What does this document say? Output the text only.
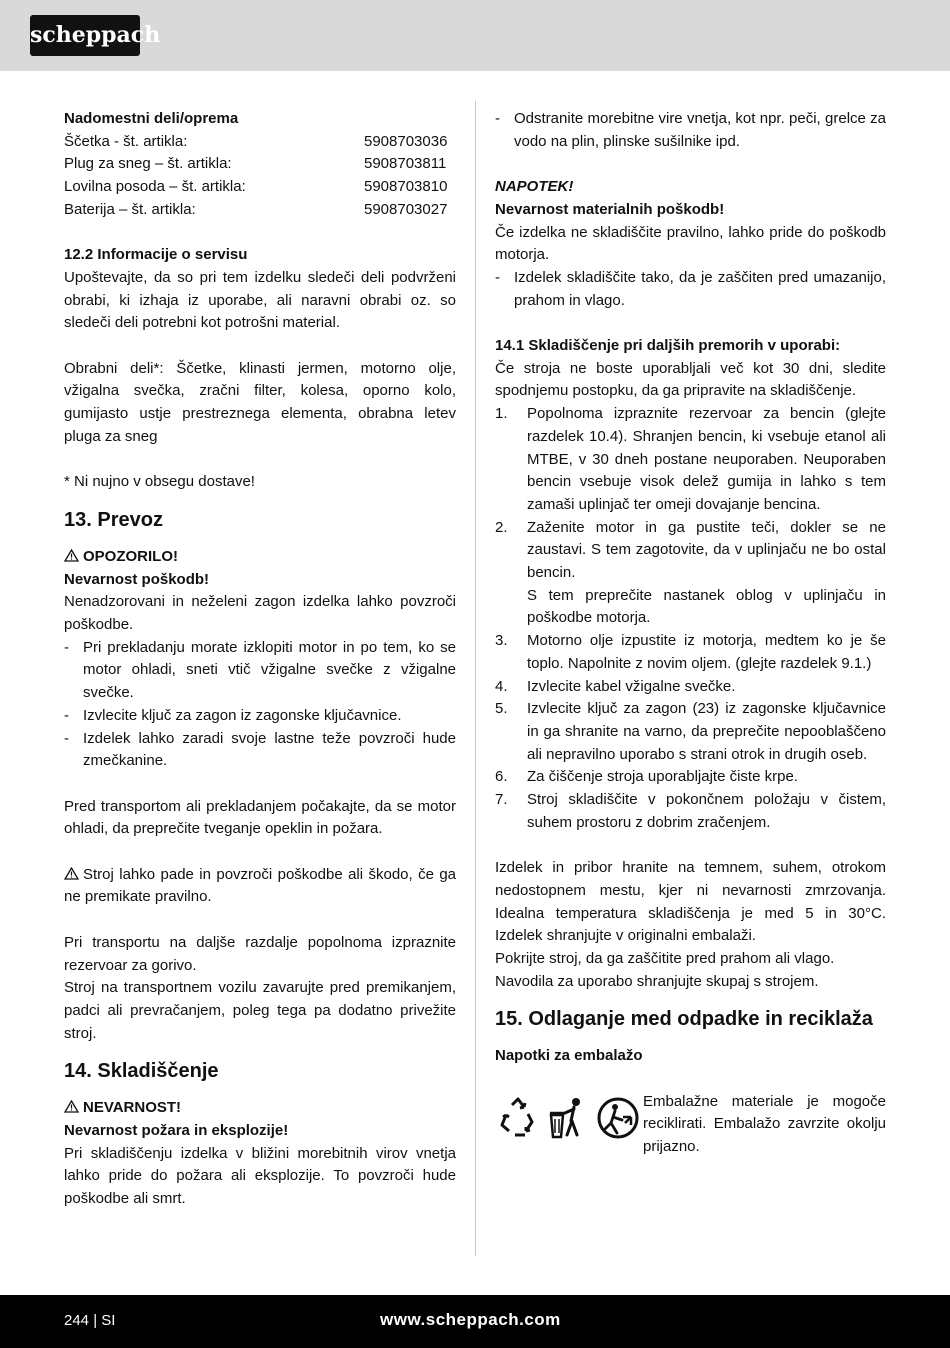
scheppach

Nadomestni deli/oprema

Ščetka - št. artikla:	5908703036
Plug za sneg – št. artikla:	5908703811
Lovilna posoda – št. artikla:	5908703810
Baterija – št. artikla:	5908703027

12.2 Informacije o servisu

Upoštevajte, da so pri tem izdelku sledeči deli podvrženi obrabi, ki izhaja iz uporabe, ali naravni obrabi oz. so sledeči deli potrebni kot potrošni material.

Obrabni deli*: Ščetke, klinasti jermen, motorno olje, vžigalna svečka, zračni filter, kolesa, oporno kolo, gumijasto ustje prestreznega elementa, obrabna letev pluga za sneg

* Ni nujno v obsegu dostave!

13. Prevoz

OPOZORILO!

Nevarnost poškodb!

Nenadzorovani in neželeni zagon izdelka lahko povzroči poškodbe.

- Pri prekladanju morate izklopiti motor in po tem, ko se motor ohladi, sneti vtič vžigalne svečke z vžigalne svečke.
- Izvlecite ključ za zagon iz zagonske ključavnice.
- Izdelek lahko zaradi svoje lastne teže povzroči hude zmečkanine.

Pred transportom ali prekladanjem počakajte, da se motor ohladi, da preprečite tveganje opeklin in požara.

Stroj lahko pade in povzroči poškodbe ali škodo, če ga ne premikate pravilno.

Pri transportu na daljše razdalje popolnoma izpraznite rezervoar za gorivo.

Stroj na transportnem vozilu zavarujte pred premikanjem, padci ali prevračanjem, poleg tega pa dodatno privežite stroj.

14. Skladiščenje

NEVARNOST!

Nevarnost požara in eksplozije!

Pri skladiščenju izdelka v bližini morebitnih virov vnetja lahko pride do požara ali eksplozije. To povzroči hude poškodbe ali smrt.

- Odstranite morebitne vire vnetja, kot npr. peči, grelce za vodo na plin, plinske sušilnike ipd.

NAPOTEK!

Nevarnost materialnih poškodb!

Če izdelka ne skladiščite pravilno, lahko pride do poškodb motorja.

- Izdelek skladiščite tako, da je zaščiten pred umazanijo, prahom in vlago.

14.1 Skladiščenje pri daljših premorih v uporabi:

Če stroja ne boste uporabljali več kot 30 dni, sledite spodnjemu postopku, da ga pripravite na skladiščenje.

1.	Popolnoma izpraznite rezervoar za bencin (glejte razdelek 10.4). Shranjen bencin, ki vsebuje etanol ali MTBE, v 30 dneh postane neuporaben. Neuporaben bencin vsebuje visok delež gumija in lahko s tem zamaši uplinjač ter omeji dovajanje bencina.
2.	Zaženite motor in ga pustite teči, dokler se ne zaustavi. S tem zagotovite, da v uplinjaču ne bo ostal bencin.
S tem preprečite nastanek oblog v uplinjaču in poškodbe motorja.
3.	Motorno olje izpustite iz motorja, medtem ko je še toplo. Napolnite z novim oljem. (glejte razdelek 9.1.)
4.	Izvlecite kabel vžigalne svečke.
5.	Izvlecite ključ za zagon (23) iz zagonske ključavnice in ga shranite na varno, da preprečite nepooblaščeno ali nepravilno uporabo s strani otrok in drugih oseb.
6.	Za čiščenje stroja uporabljajte čiste krpe.
7.	Stroj skladiščite v pokončnem položaju v čistem, suhem prostoru z dobrim zračenjem.

Izdelek in pribor hranite na temnem, suhem, otrokom nedostopnem mestu, kjer ni nevarnosti zmrzovanja. Idealna temperatura skladiščenja je med 5 in 30°C. Izdelek shranjujte v originalni embalaži.

Pokrijte stroj, da ga zaščitite pred prahom ali vlago.

Navodila za uporabo shranjujte skupaj s strojem.

15. Odlaganje med odpadke in reciklaža

Napotki za embalažo

Embalažne materiale je mogoče reciklirati. Embalažo zavrzite okolju prijazno.

244 | SI	www.scheppach.com
